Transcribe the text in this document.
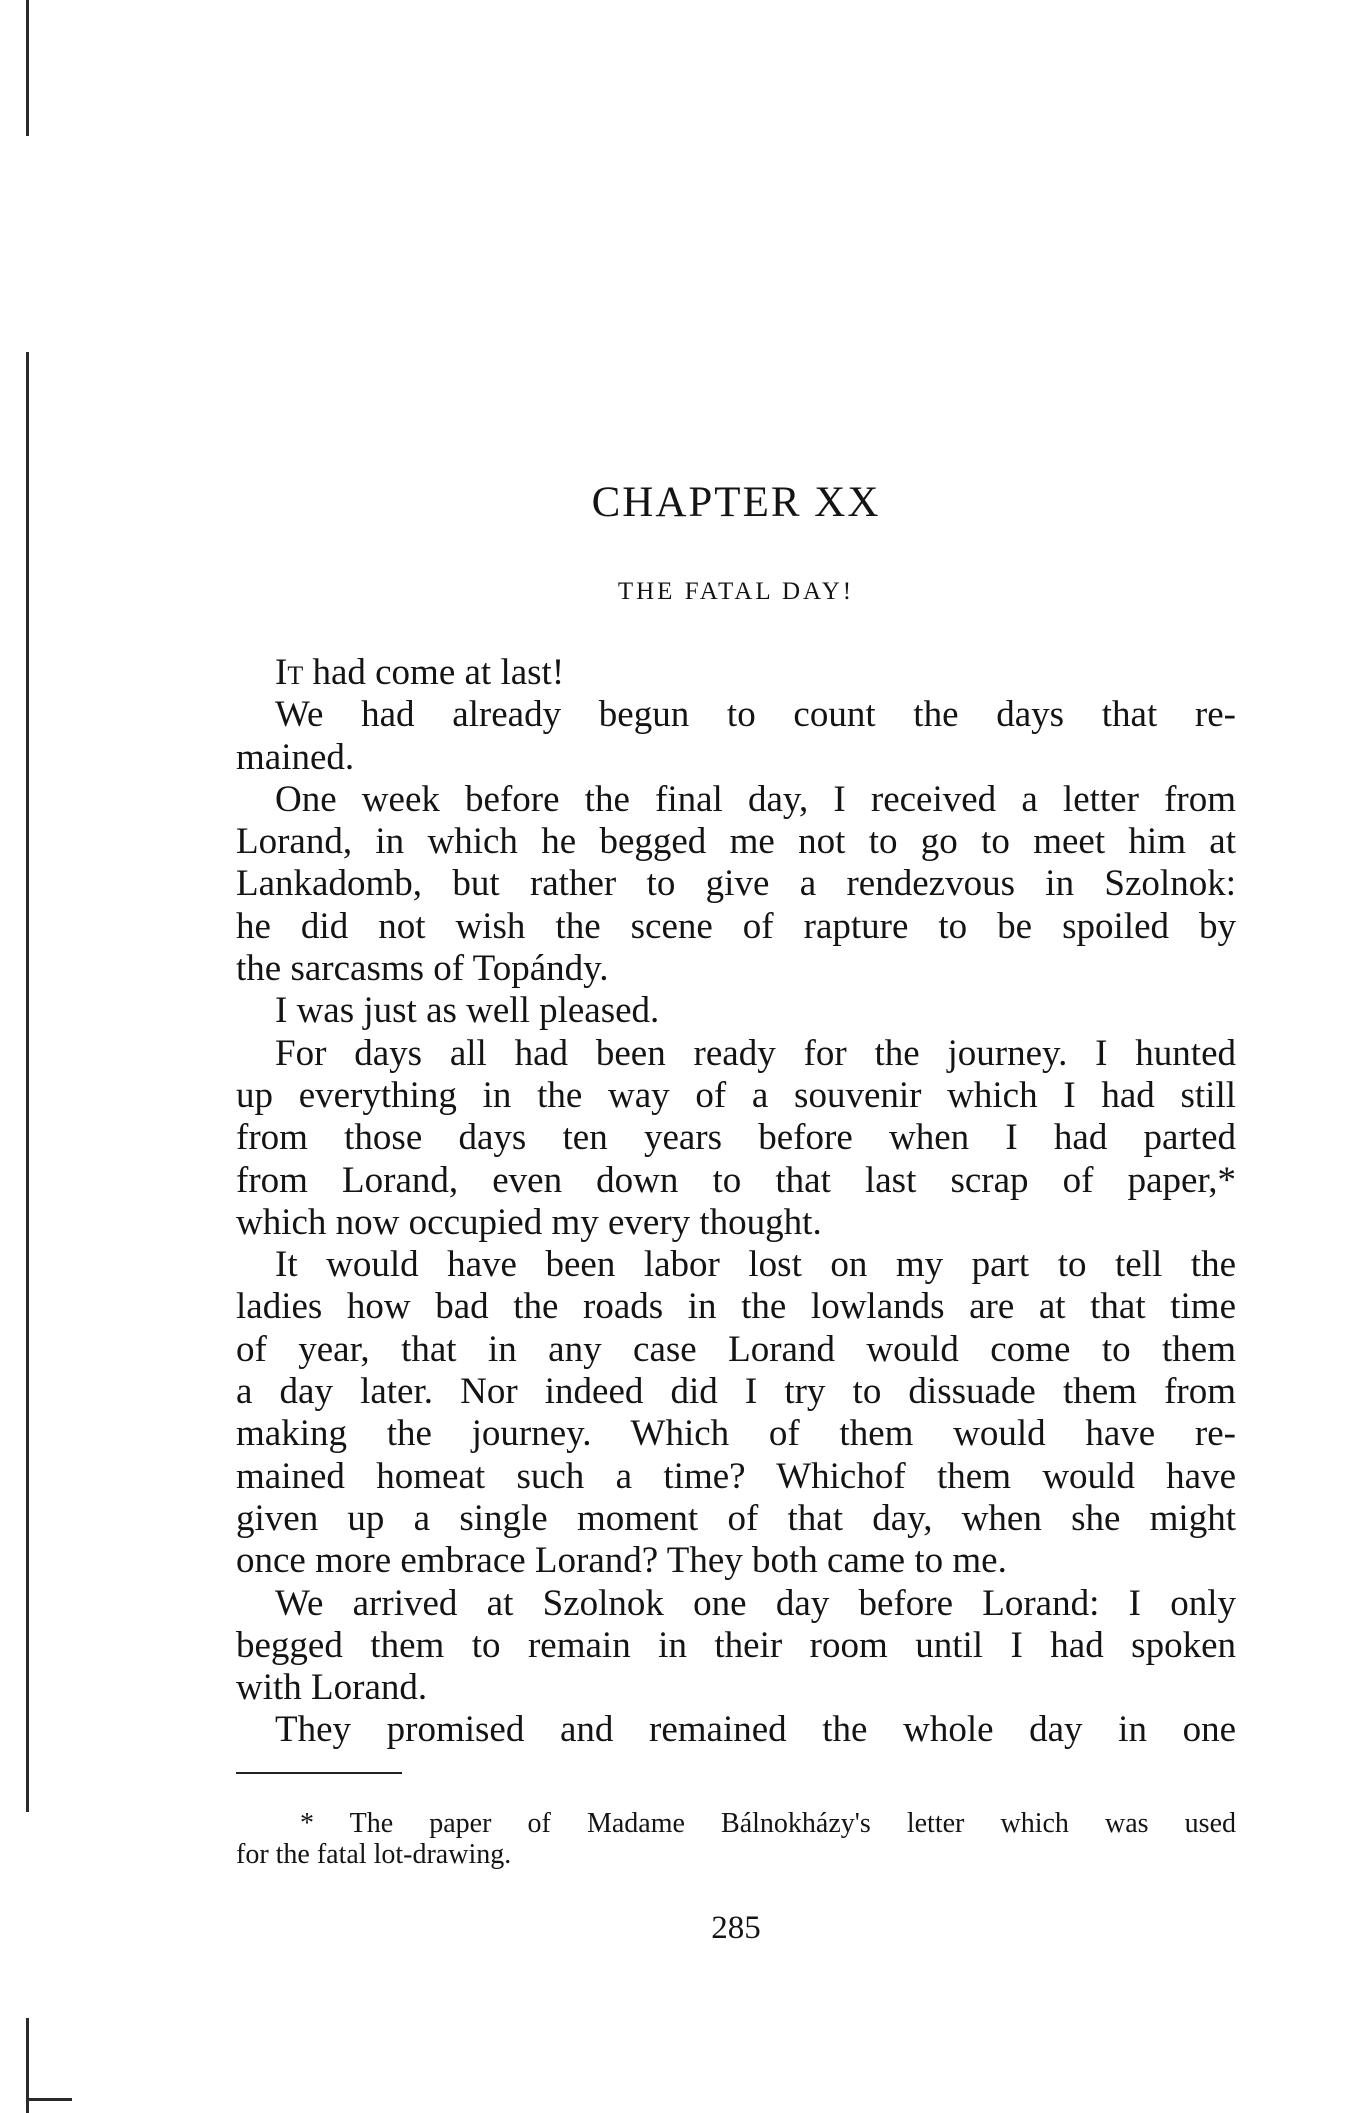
CHAPTER XX
THE FATAL DAY!
It had come at last!
We had already begun to count the days that re-
mained.
One week before the final day, I received a letter from
Lorand, in which he begged me not to go to meet him at
Lankadomb, but rather to give a rendezvous in Szolnok:
he did not wish the scene of rapture to be spoiled by
the sarcasms of Topándy.
I was just as well pleased.
For days all had been ready for the journey. I hunted
up everything in the way of a souvenir which I had still
from those days ten years before when I had parted
from Lorand, even down to that last scrap of paper,*
which now occupied my every thought.
It would have been labor lost on my part to tell the
ladies how bad the roads in the lowlands are at that time
of year, that in any case Lorand would come to them
a day later. Nor indeed did I try to dissuade them from
making the journey. Which of them would have re-
mained homeat such a time? Whichof them would have
given up a single moment of that day, when she might
once more embrace Lorand? They both came to me.
We arrived at Szolnok one day before Lorand: I only
begged them to remain in their room until I had spoken
with Lorand.
They promised and remained the whole day in one
* The paper of Madame Bálnokházy's letter which was used
for the fatal lot-drawing.
285
